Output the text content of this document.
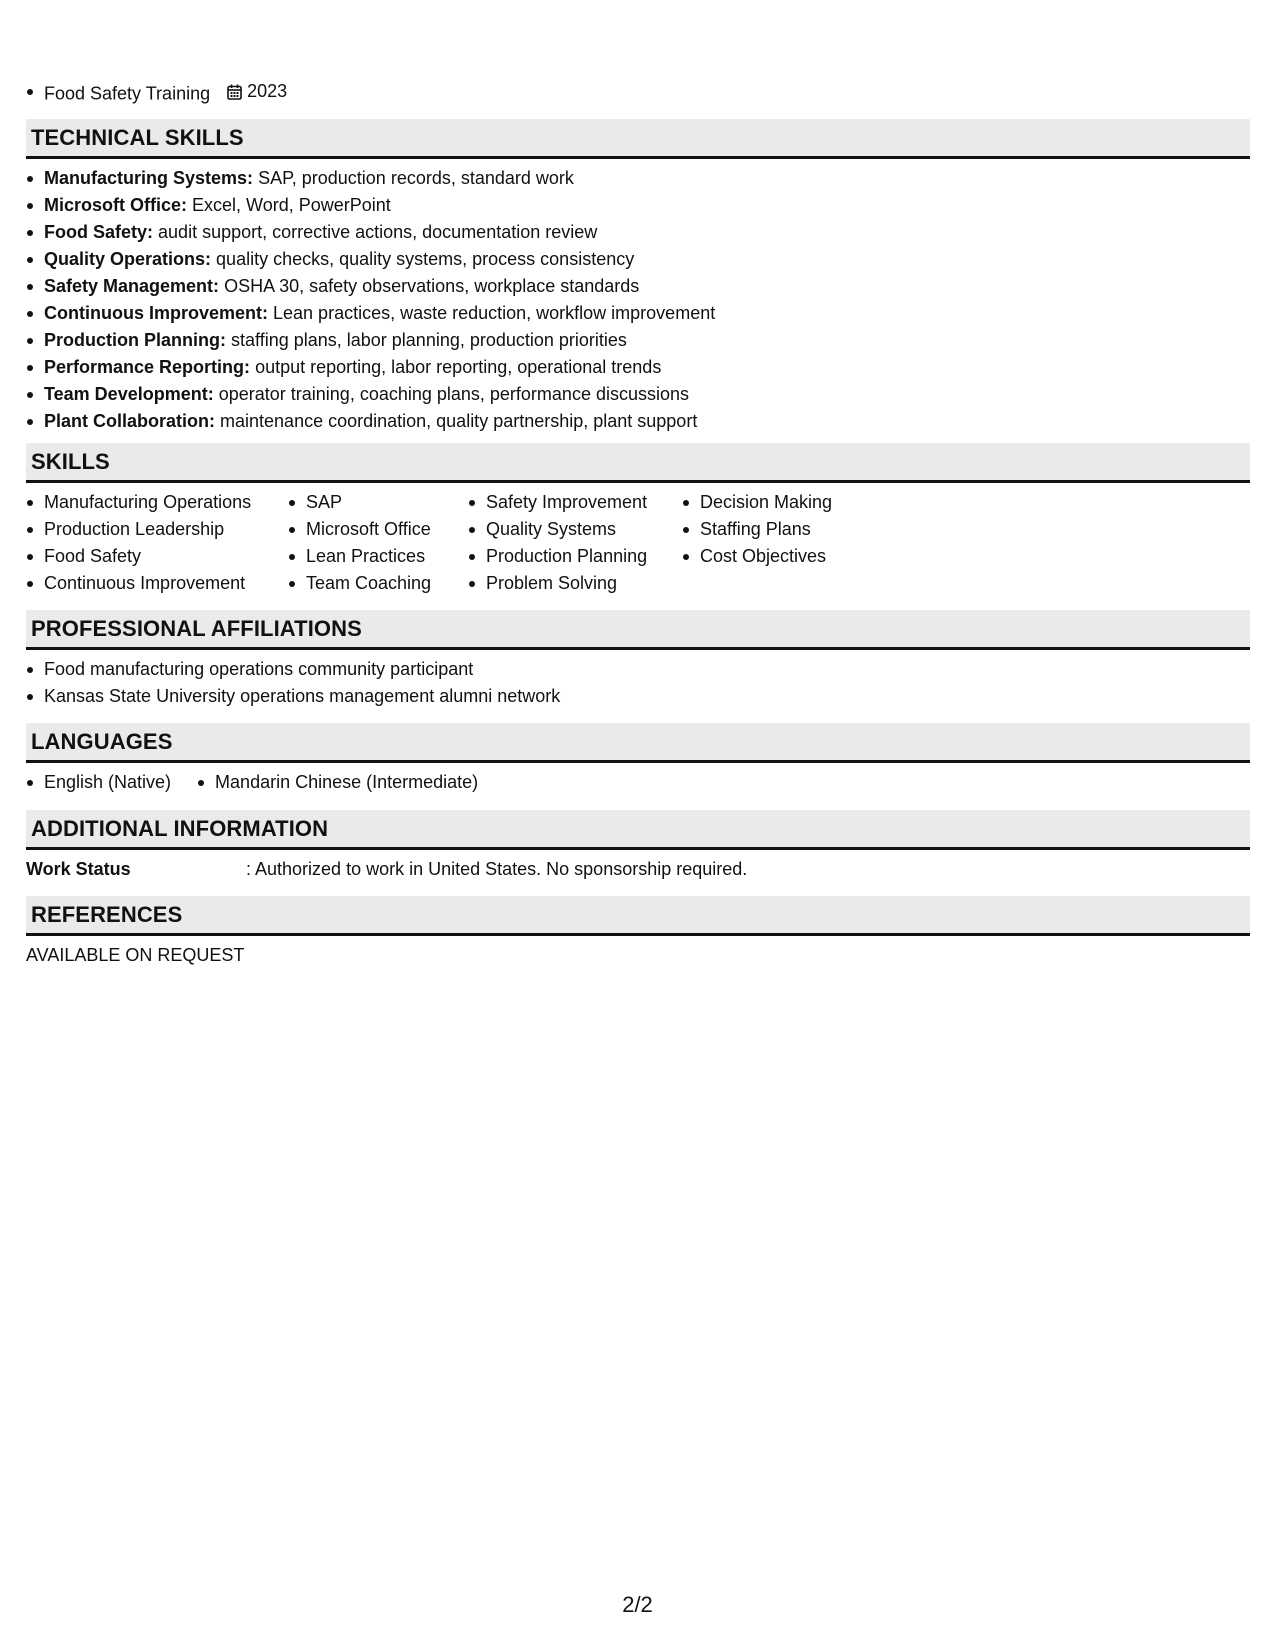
Food Safety Training 2023
TECHNICAL SKILLS
Manufacturing Systems: SAP, production records, standard work
Microsoft Office: Excel, Word, PowerPoint
Food Safety: audit support, corrective actions, documentation review
Quality Operations: quality checks, quality systems, process consistency
Safety Management: OSHA 30, safety observations, workplace standards
Continuous Improvement: Lean practices, waste reduction, workflow improvement
Production Planning: staffing plans, labor planning, production priorities
Performance Reporting: output reporting, labor reporting, operational trends
Team Development: operator training, coaching plans, performance discussions
Plant Collaboration: maintenance coordination, quality partnership, plant support
SKILLS
Manufacturing Operations
Production Leadership
Food Safety
Continuous Improvement
SAP
Microsoft Office
Lean Practices
Team Coaching
Safety Improvement
Quality Systems
Production Planning
Problem Solving
Decision Making
Staffing Plans
Cost Objectives
PROFESSIONAL AFFILIATIONS
Food manufacturing operations community participant
Kansas State University operations management alumni network
LANGUAGES
English (Native)	Mandarin Chinese (Intermediate)
ADDITIONAL INFORMATION
Work Status	: Authorized to work in United States. No sponsorship required.
REFERENCES
AVAILABLE ON REQUEST
2/2
